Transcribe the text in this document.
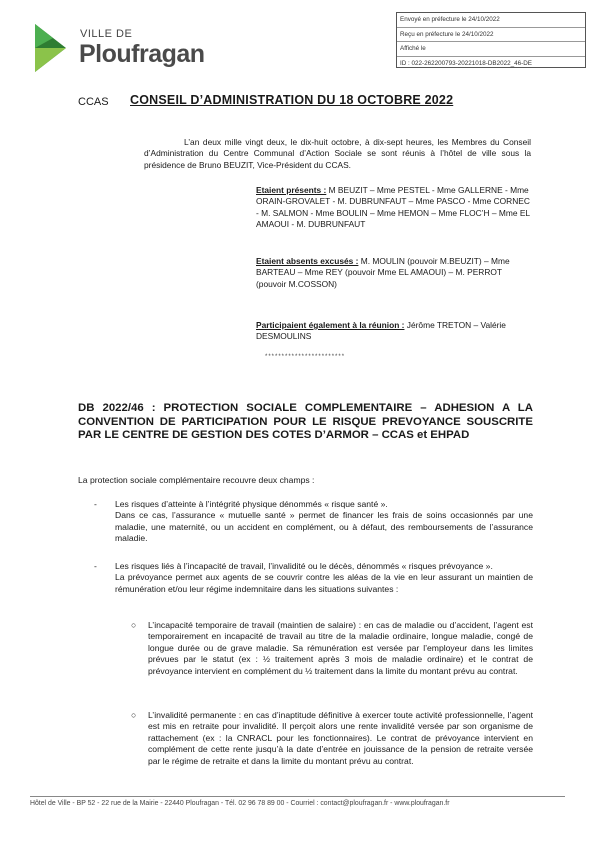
VILLE DE
Ploufragan
Envoyé en préfecture le 24/10/2022
Reçu en préfecture le 24/10/2022
Affiché le
ID : 022-262200793-20221018-DB2022_46-DE
CCAS CONSEIL D’ADMINISTRATION DU 18 OCTOBRE 2022
L’an deux mille vingt deux, le dix-huit octobre, à dix-sept heures, les Membres du Conseil d’Administration du Centre Communal d’Action Sociale se sont réunis à l’hôtel de ville sous la présidence de Bruno BEUZIT, Vice-Président du CCAS.
Etaient présents : M BEUZIT – Mme PESTEL - Mme GALLERNE - Mme ORAIN-GROVALET - M. DUBRUNFAUT – Mme PASCO - Mme CORNEC - M. SALMON - Mme BOULIN – Mme HEMON – Mme FLOC’H – Mme EL AMAOUI - M. DUBRUNFAUT
Etaient absents excusés : M. MOULIN (pouvoir M.BEUZIT) – Mme BARTEAU – Mme REY (pouvoir Mme EL AMAOUI) – M. PERROT (pouvoir M.COSSON)
Participaient également à la réunion : Jérôme TRETON – Valérie DESMOULINS
************************
DB 2022/46 : PROTECTION SOCIALE COMPLEMENTAIRE – ADHESION A LA CONVENTION DE PARTICIPATION POUR LE RISQUE PREVOYANCE SOUSCRITE PAR LE CENTRE DE GESTION DES COTES D’ARMOR – CCAS et EHPAD
La protection sociale complémentaire recouvre deux champs :
- Les risques d’atteinte à l’intégrité physique dénommés « risque santé ».

Dans ce cas, l’assurance « mutuelle santé » permet de financer les frais de soins occasionnés par une maladie, une maternité, ou un accident en complément, ou à défaut, des remboursements de l’assurance maladie.

- Les risques liés à l’incapacité de travail, l’invalidité ou le décès, dénommés « risques prévoyance ».

La prévoyance permet aux agents de se couvrir contre les aléas de la vie en leur assurant un maintien de rémunération et/ou leur régime indemnitaire dans les situations suivantes :

○ L’incapacité temporaire de travail (maintien de salaire) : en cas de maladie ou d’accident, l’agent est temporairement en incapacité de travail au titre de la maladie ordinaire, longue maladie, congé de longue durée ou de grave maladie. Sa rémunération est versée par l’employeur dans les limites prévues par le statut (ex : ½ traitement après 3 mois de maladie ordinaire) et le contrat de prévoyance intervient en complément du ½ traitement dans la limite du montant prévu au contrat.
○ L’invalidité permanente : en cas d’inaptitude définitive à exercer toute activité professionnelle, l’agent est mis en retraite pour invalidité. Il perçoit alors une rente invalidité versée par son organisme de rattachement (ex : la CNRACL pour les fonctionnaires). Le contrat de prévoyance intervient en complément de cette rente jusqu’à la date d’entrée en jouissance de la pension de retraite versée par le régime de retraite et dans la limite du montant prévu au contrat.
Hôtel de Ville - BP 52 - 22 rue de la Mairie - 22440 Ploufragan - Tél. 02 96 78 89 00 - Courriel : contact@ploufragan.fr - www.ploufragan.fr
